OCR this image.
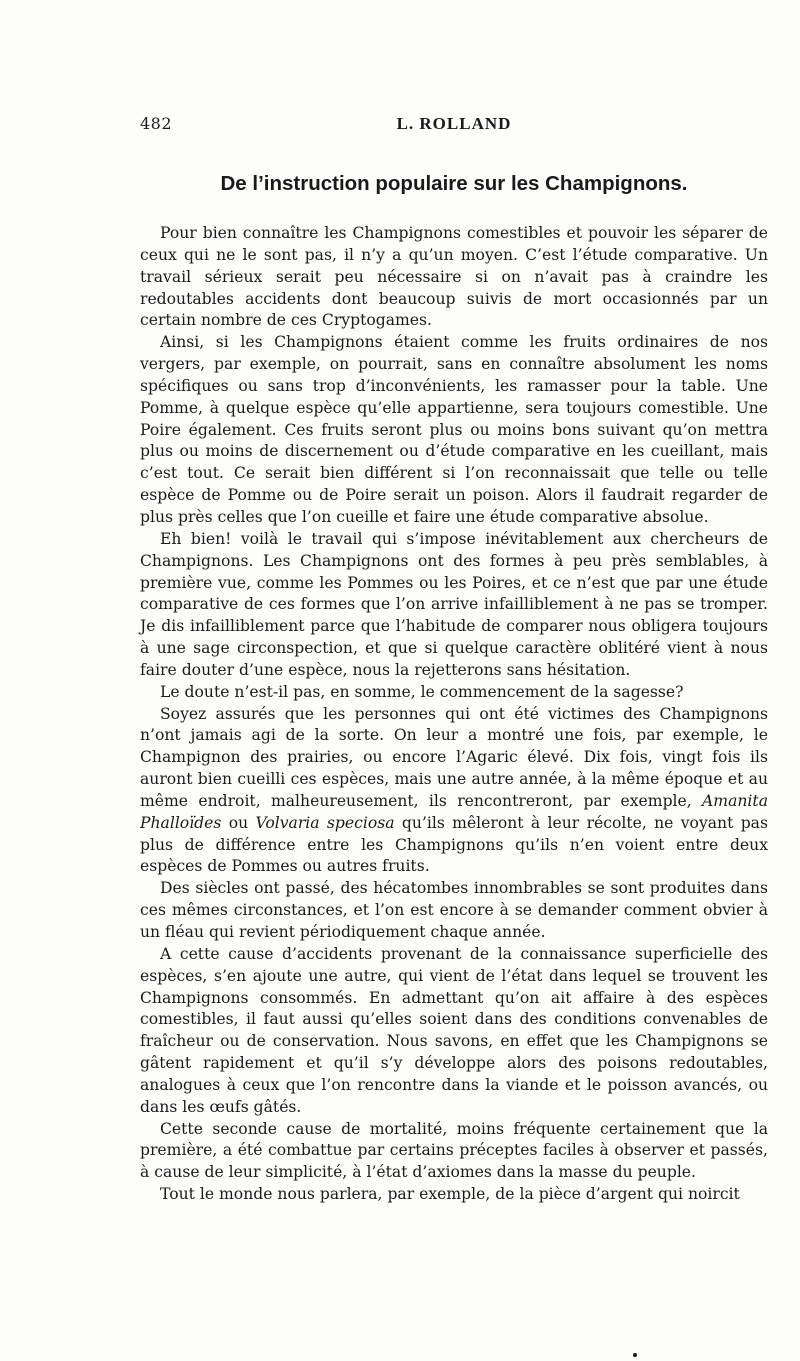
482	L. ROLLAND
De l’instruction populaire sur les Champignons.

Pour bien connaître les Champignons comestibles et pouvoir les séparer de ceux qui ne le sont pas, il n’y a qu’un moyen. C’est l’étude comparative. Un travail sérieux serait peu nécessaire si on n’avait pas à craindre les redoutables accidents dont beaucoup suivis de mort occasionnés par un certain nombre de ces Cryptogames.

Ainsi, si les Champignons étaient comme les fruits ordinaires de nos vergers, par exemple, on pourrait, sans en connaître absolument les noms spécifiques ou sans trop d’inconvénients, les ramasser pour la table. Une Pomme, à quelque espèce qu’elle appartienne, sera toujours comestible. Une Poire également. Ces fruits seront plus ou moins bons suivant qu’on mettra plus ou moins de discernement ou d’étude comparative en les cueillant, mais c’est tout. Ce serait bien différent si l’on reconnaissait que telle ou telle espèce de Pomme ou de Poire serait un poison. Alors il faudrait regarder de plus près celles que l’on cueille et faire une étude comparative absolue.

Eh bien! voilà le travail qui s’impose inévitablement aux chercheurs de Champignons. Les Champignons ont des formes à peu près semblables, à première vue, comme les Pommes ou les Poires, et ce n’est que par une étude comparative de ces formes que l’on arrive infailliblement à ne pas se tromper. Je dis infailliblement parce que l’habitude de comparer nous obligera toujours à une sage circonspection, et que si quelque caractère oblitéré vient à nous faire douter d’une espèce, nous la rejetterons sans hésitation.

Le doute n’est-il pas, en somme, le commencement de la sagesse?

Soyez assurés que les personnes qui ont été victimes des Champignons n’ont jamais agi de la sorte. On leur a montré une fois, par exemple, le Champignon des prairies, ou encore l’Agaric élevé. Dix fois, vingt fois ils auront bien cueilli ces espèces, mais une autre année, à la même époque et au même endroit, malheureusement, ils rencontreront, par exemple, Amanita Phalloïdes ou Volvaria speciosa qu’ils mêleront à leur récolte, ne voyant pas plus de différence entre les Champignons qu’ils n’en voient entre deux espèces de Pommes ou autres fruits.

Des siècles ont passé, des hécatombes innombrables se sont produites dans ces mêmes circonstances, et l’on est encore à se demander comment obvier à un fléau qui revient périodiquement chaque année.

A cette cause d’accidents provenant de la connaissance superficielle des espèces, s’en ajoute une autre, qui vient de l’état dans lequel se trouvent les Champignons consommés. En admettant qu’on ait affaire à des espèces comestibles, il faut aussi qu’elles soient dans des conditions convenables de fraîcheur ou de conservation. Nous savons, en effet que les Champignons se gâtent rapidement et qu’il s’y développe alors des poisons redoutables, analogues à ceux que l’on rencontre dans la viande et le poisson avancés, ou dans les œufs gâtés.

Cette seconde cause de mortalité, moins fréquente certainement que la première, a été combattue par certains préceptes faciles à observer et passés, à cause de leur simplicité, à l’état d’axiomes dans la masse du peuple.

Tout le monde nous parlera, par exemple, de la pièce d’argent qui noircit
